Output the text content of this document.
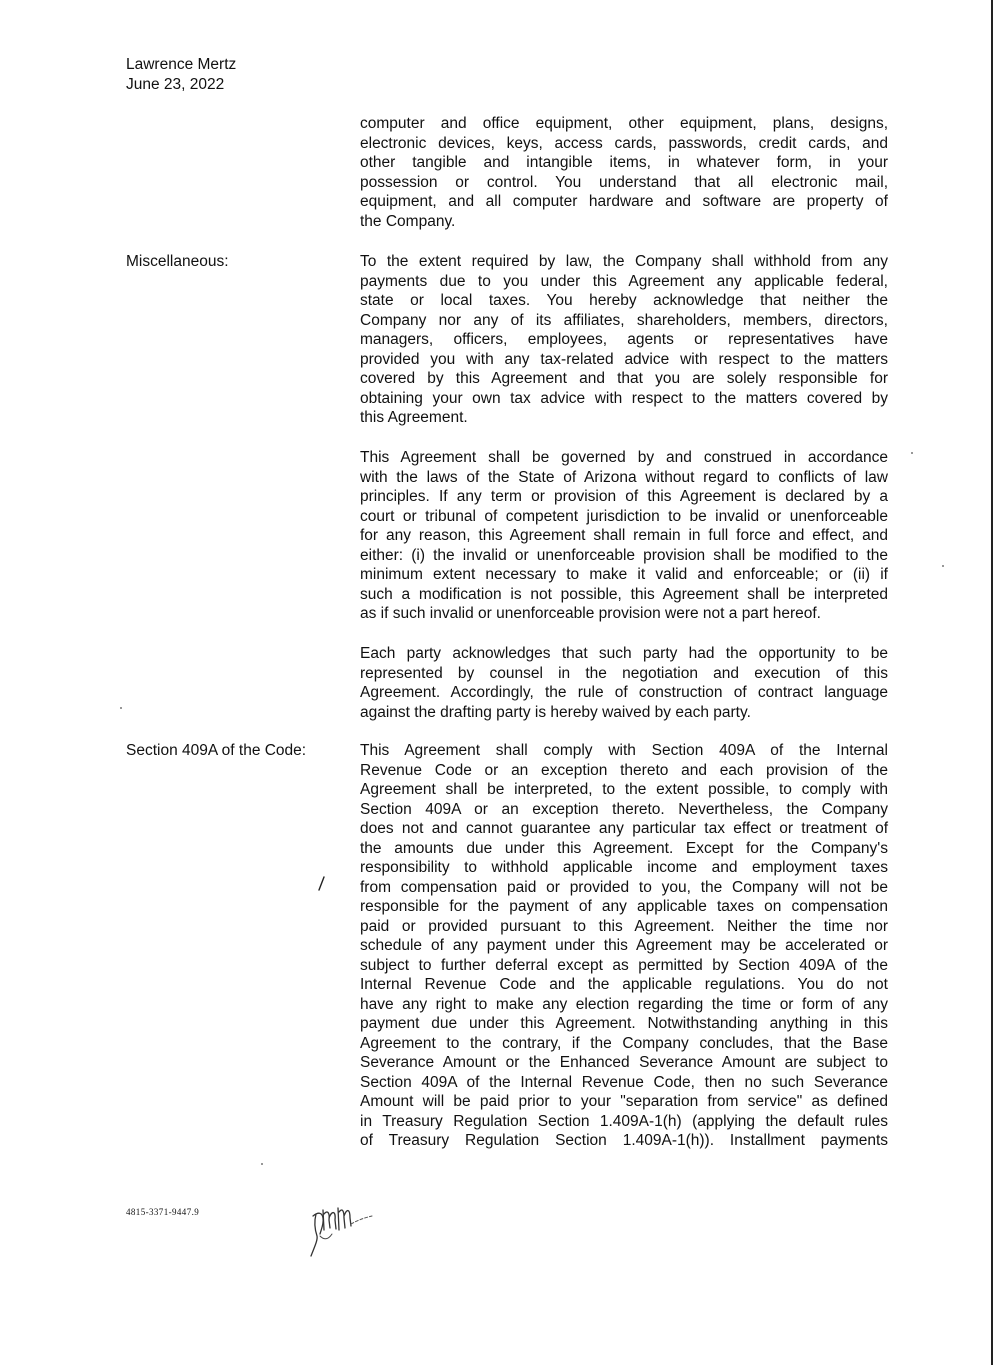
Lawrence Mertz
June 23, 2022
computer and office equipment, other equipment, plans, designs,
electronic devices, keys, access cards, passwords, credit cards, and
other tangible and intangible items, in whatever form, in your
possession or control. You understand that all electronic mail,
equipment, and all computer hardware and software are property of
the Company.
Miscellaneous:	To the extent required by law, the Company shall withhold from any
payments due to you under this Agreement any applicable federal,
state or local taxes. You hereby acknowledge that neither the
Company nor any of its affiliates, shareholders, members, directors,
managers, officers, employees, agents or representatives have
provided you with any tax-related advice with respect to the matters
covered by this Agreement and that you are solely responsible for
obtaining your own tax advice with respect to the matters covered by
this Agreement.
This Agreement shall be governed by and construed in accordance
with the laws of the State of Arizona without regard to conflicts of law
principles. If any term or provision of this Agreement is declared by a
court or tribunal of competent jurisdiction to be invalid or unenforceable
for any reason, this Agreement shall remain in full force and effect, and
either: (i) the invalid or unenforceable provision shall be modified to the
minimum extent necessary to make it valid and enforceable; or (ii) if
such a modification is not possible, this Agreement shall be interpreted
as if such invalid or unenforceable provision were not a part hereof.
Each party acknowledges that such party had the opportunity to be
represented by counsel in the negotiation and execution of this
Agreement. Accordingly, the rule of construction of contract language
against the drafting party is hereby waived by each party.
Section 409A of the Code:	This Agreement shall comply with Section 409A of the Internal
Revenue Code or an exception thereto and each provision of the
Agreement shall be interpreted, to the extent possible, to comply with
Section 409A or an exception thereto. Nevertheless, the Company
does not and cannot guarantee any particular tax effect or treatment of
the amounts due under this Agreement. Except for the Company's
responsibility to withhold applicable income and employment taxes
from compensation paid or provided to you, the Company will not be
responsible for the payment of any applicable taxes on compensation
paid or provided pursuant to this Agreement. Neither the time nor
schedule of any payment under this Agreement may be accelerated or
subject to further deferral except as permitted by Section 409A of the
Internal Revenue Code and the applicable regulations. You do not
have any right to make any election regarding the time or form of any
payment due under this Agreement. Notwithstanding anything in this
Agreement to the contrary, if the Company concludes, that the Base
Severance Amount or the Enhanced Severance Amount are subject to
Section 409A of the Internal Revenue Code, then no such Severance
Amount will be paid prior to your "separation from service" as defined
in Treasury Regulation Section 1.409A-1(h) (applying the default rules
of Treasury Regulation Section 1.409A-1(h)). Installment payments
4815-3371-9447.9
